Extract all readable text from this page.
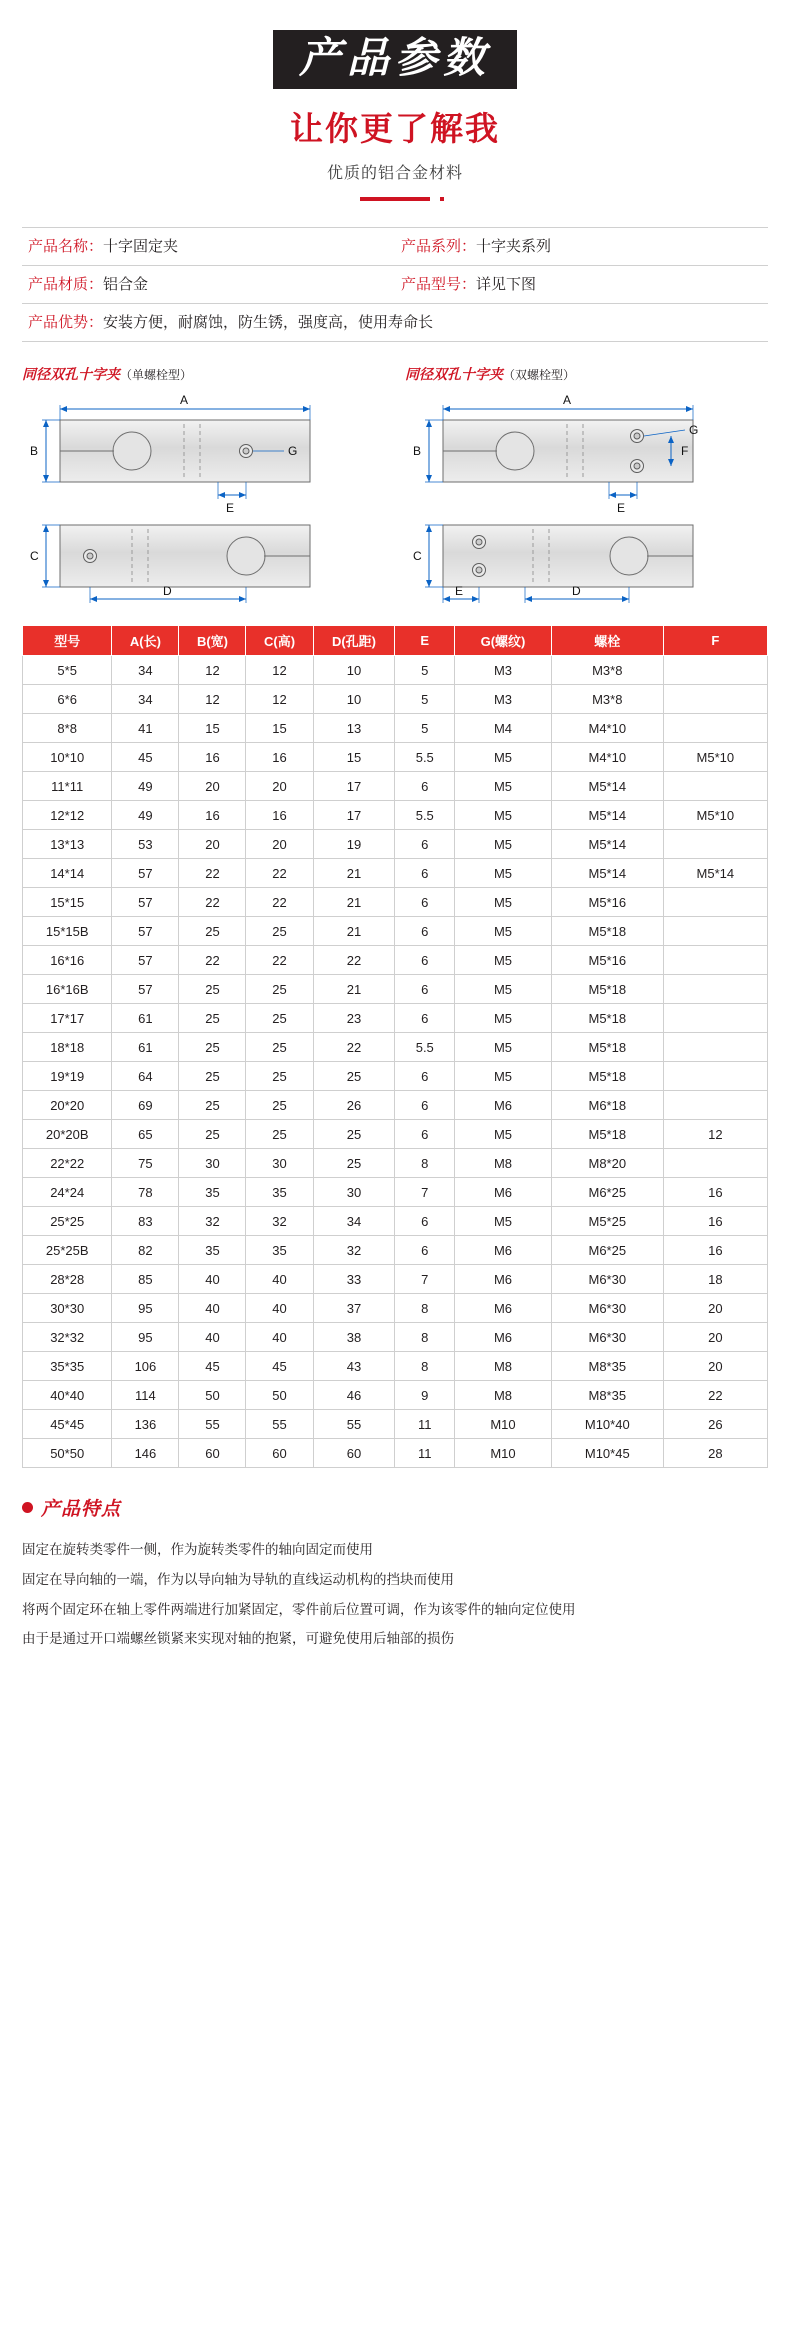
产品参数
让你更了解我
优质的铝合金材料
产品名称： 十字固定夹	产品系列： 十字夹系列
产品材质： 铝合金	产品型号： 详见下图
产品优势： 安装方便，耐腐蚀，防生锈，强度高，使用寿命长
同径双孔十字夹（单螺栓型）
A
B	G
E
C
D
同径双孔十字夹（双螺栓型）
A
B
G
F
E
C
E	D
型号	A(长)	B(宽)	C(高)	D(孔距)	E	G(螺纹)	螺栓	F
5*5	34	12	12	10	5	M3	M3*8	
6*6	34	12	12	10	5	M3	M3*8	
8*8	41	15	15	13	5	M4	M4*10	
10*10	45	16	16	15	5.5	M5	M4*10	M5*10
11*11	49	20	20	17	6	M5	M5*14	
12*12	49	16	16	17	5.5	M5	M5*14	M5*10
13*13	53	20	20	19	6	M5	M5*14	
14*14	57	22	22	21	6	M5	M5*14	M5*14
15*15	57	22	22	21	6	M5	M5*16	
15*15B	57	25	25	21	6	M5	M5*18	
16*16	57	22	22	22	6	M5	M5*16	
16*16B	57	25	25	21	6	M5	M5*18	
17*17	61	25	25	23	6	M5	M5*18	
18*18	61	25	25	22	5.5	M5	M5*18	
19*19	64	25	25	25	6	M5	M5*18	
20*20	69	25	25	26	6	M6	M6*18	
20*20B	65	25	25	25	6	M5	M5*18	12
22*22	75	30	30	25	8	M8	M8*20	
24*24	78	35	35	30	7	M6	M6*25	16
25*25	83	32	32	34	6	M5	M5*25	16
25*25B	82	35	35	32	6	M6	M6*25	16
28*28	85	40	40	33	7	M6	M6*30	18
30*30	95	40	40	37	8	M6	M6*30	20
32*32	95	40	40	38	8	M6	M6*30	20
35*35	106	45	45	43	8	M8	M8*35	20
40*40	114	50	50	46	9	M8	M8*35	22
45*45	136	55	55	55	11	M10	M10*40	26
50*50	146	60	60	60	11	M10	M10*45	28
产品特点
固定在旋转类零件一侧，作为旋转类零件的轴向固定而使用
固定在导向轴的一端，作为以导向轴为导轨的直线运动机构的挡块而使用
将两个固定环在轴上零件两端进行加紧固定，零件前后位置可调，作为该零件的轴向定位使用
由于是通过开口端螺丝锁紧来实现对轴的抱紧，可避免使用后轴部的损伤
